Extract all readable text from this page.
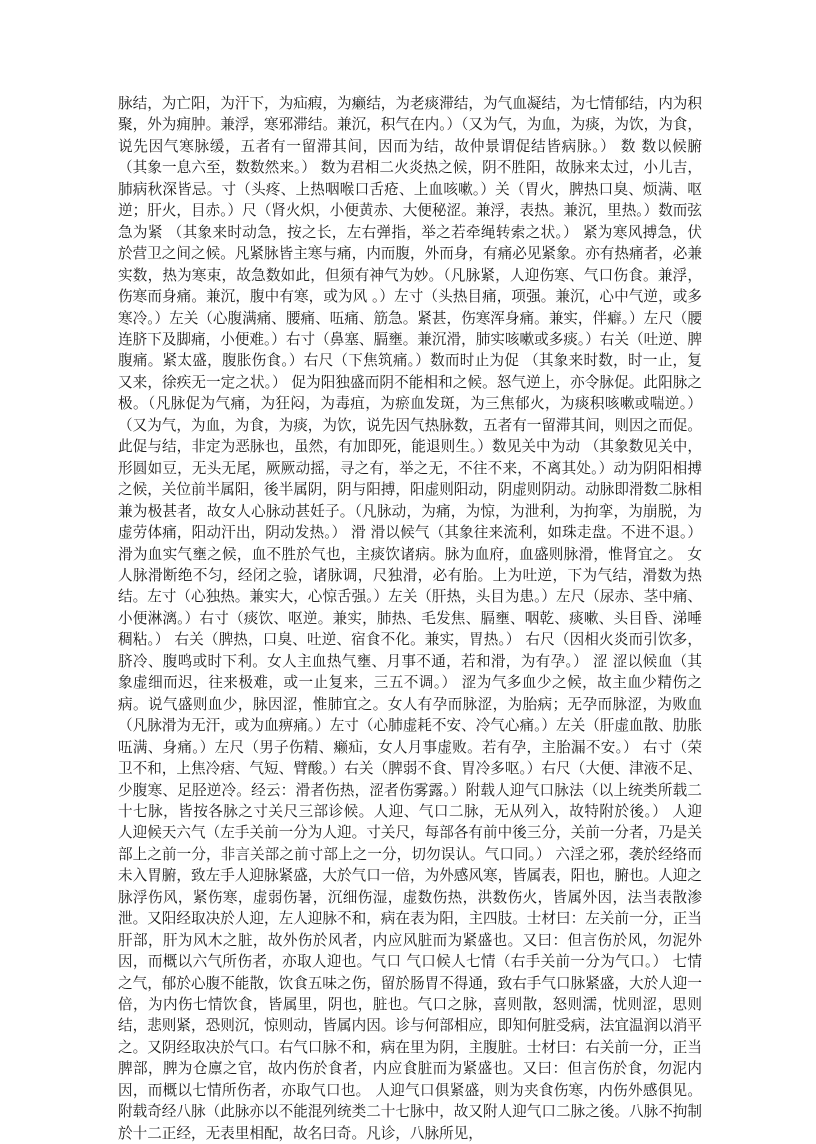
脉结，为亡阳，为汗下，为疝瘕，为癞结，为老痰滞结，为气血凝结，为七情郁结，内为积聚，外为痈肿。兼浮，寒邪滞结。兼沉，积气在内。）（又为气，为血，为痰，为饮，为食，说先因气寒脉缓，五者有一留滞其间，因而为结，故仲景谓促结皆病脉。） 数 数以候腑（其象一息六至，数数然来。） 数为君相二火炎热之候，阴不胜阳，故脉来太过，小儿吉，肺病秋深皆忌。寸（头疼、上热咽喉口舌疮、上血咳嗽。）关（胃火，脾热口臭、烦满、呕逆；肝火，目赤。）尺（肾火炽，小便黄赤、大便秘涩。兼浮，表热。兼沉，里热。）数而弦急为紧 （其象来时动急，按之长，左右弹指，举之若牵绳转索之状。） 紧为寒风搏急，伏於营卫之间之候。凡紧脉皆主寒与痛，内而腹，外而身，有痛必见紧象。亦有热痛者，必兼实数，热为寒束，故急数如此，但须有神气为妙。（凡脉紧，人迎伤寒、气口伤食。兼浮，伤寒而身痛。兼沉，腹中有寒，或为风 。）左寸（头热目痛，项强。兼沉，心中气逆，或多寒冷。）左关（心腹满痛、腰痛、㕶痛、筋急。紧甚，伤寒浑身痛。兼实，伴癖。）左尺（腰连脐下及脚痛，小便难。）右寸（鼻塞、膈壅。兼沉滑，肺实咳嗽或多痰。）右关（吐逆、脾腹痛。紧太盛，腹胀伤食。）右尺（下焦筑痛。）数而时止为促 （其象来时数，时一止，复又来，徐疾无一定之状。） 促为阳独盛而阴不能相和之候。怒气逆上，亦令脉促。此阳脉之极。（凡脉促为气痛，为狂闷，为毒疽，为瘀血发斑，为三焦郁火，为痰积咳嗽或喘逆。）（又为气，为血，为食，为痰，为饮，说先因气热脉数，五者有一留滞其间，则因之而促。此促与结，非定为恶脉也，虽然，有加即死，能退则生。）数见关中为动 （其象数见关中，形圆如豆，无头无尾，厥厥动摇，寻之有，举之无，不往不来，不离其处。）动为阴阳相搏之候，关位前半属阳，後半属阴，阴与阳搏，阳虚则阳动，阴虚则阴动。动脉即滑数二脉相兼为极甚者，故女人心脉动甚妊子。（凡脉动，为痛，为惊，为泄利，为拘挛，为崩脱，为虚劳体痛，阳动汗出，阴动发热。） 滑 滑以候气（其象往来流利，如珠走盘。不进不退。） 滑为血实气壅之候，血不胜於气也，主痰饮诸病。脉为血府，血盛则脉滑，惟肾宜之。 女人脉滑断绝不匀，经闭之验，诸脉调，尺独滑，必有胎。上为吐逆，下为气结，滑数为热结。左寸（心独热。兼实大，心惊舌强。）左关（肝热，头目为患。）左尺（尿赤、茎中痛、小便淋漓。）右寸（痰饮、呕逆。兼实，肺热、毛发焦、膈壅、咽乾、痰嗽、头目昏、涕唾稠粘。） 右关（脾热，口臭、吐逆、宿食不化。兼实，胃热。） 右尺（因相火炎而引饮多，脐冷、腹鸣或时下利。女人主血热气壅、月事不通，若和滑，为有孕。） 涩 涩以候血（其象虚细而迟，往来极难，或一止复来，三五不调。） 涩为气多血少之候，故主血少精伤之病。说气盛则血少，脉因涩，惟肺宜之。女人有孕而脉涩，为胎病；无孕而脉涩，为败血（凡脉滑为无汗，或为血痹痛。）左寸（心肺虚耗不安、冷气心痛。）左关（肝虚血散、肋胀㕶满、身痛。）左尺（男子伤精、癞疝，女人月事虚败。若有孕，主胎漏不安。） 右寸（荣卫不和，上焦冷痞、气短、臂酸。）右关（脾弱不食、胃冷多呕。）右尺（大便、津液不足、少腹寒、足胫逆冷。经云：滑者伤热，涩者伤雾露。）附载人迎气口脉法（以上统类所载二十七脉，皆按各脉之寸关尺三部诊候。人迎、气口二脉，无从列入，故特附於後。） 人迎 人迎候天六气（左手关前一分为人迎。寸关尺，每部各有前中後三分，关前一分者，乃是关部上之前一分，非言关部之前寸部上之一分，切勿误认。气口同。） 六淫之邪，袭於经络而未入胃腑，致左手人迎脉紧盛，大於气口一倍，为外感风寒，皆属表，阳也，腑也。人迎之脉浮伤风，紧伤寒，虚弱伤暑，沉细伤湿，虚数伤热，洪数伤火，皆属外因，法当表散渗泄。又阳经取决於人迎，左人迎脉不和，病在表为阳，主四肢。士材曰：左关前一分，正当肝部，肝为风木之脏，故外伤於风者，内应风脏而为紧盛也。又曰：但言伤於风，勿泥外因，而概以六气所伤者，亦取人迎也。气口 气口候人七情（右手关前一分为气口。） 七情之气，郁於心腹不能散，饮食五味之伤，留於肠胃不得通，致右手气口脉紧盛，大於人迎一倍，为内伤七情饮食，皆属里，阴也，脏也。气口之脉，喜则散，怒则濡，忧则涩，思则结，悲则紧，恐则沉，惊则动，皆属内因。诊与何部相应，即知何脏受病，法宜温润以消平之。又阴经取决於气口。右气口脉不和，病在里为阴，主腹脏。士材曰：右关前一分，正当脾部，脾为仓廪之官，故内伤於食者，内应食脏而为紧盛也。又曰：但言伤於食，勿泥内因，而概以七情所伤者，亦取气口也。 人迎气口俱紧盛，则为夹食伤寒，内伤外感俱见。附载奇经八脉（此脉亦以不能混列统类二十七脉中，故又附人迎气口二脉之後。八脉不拘制於十二正经，无表里相配，故名曰奇。凡诊，八脉所见，
